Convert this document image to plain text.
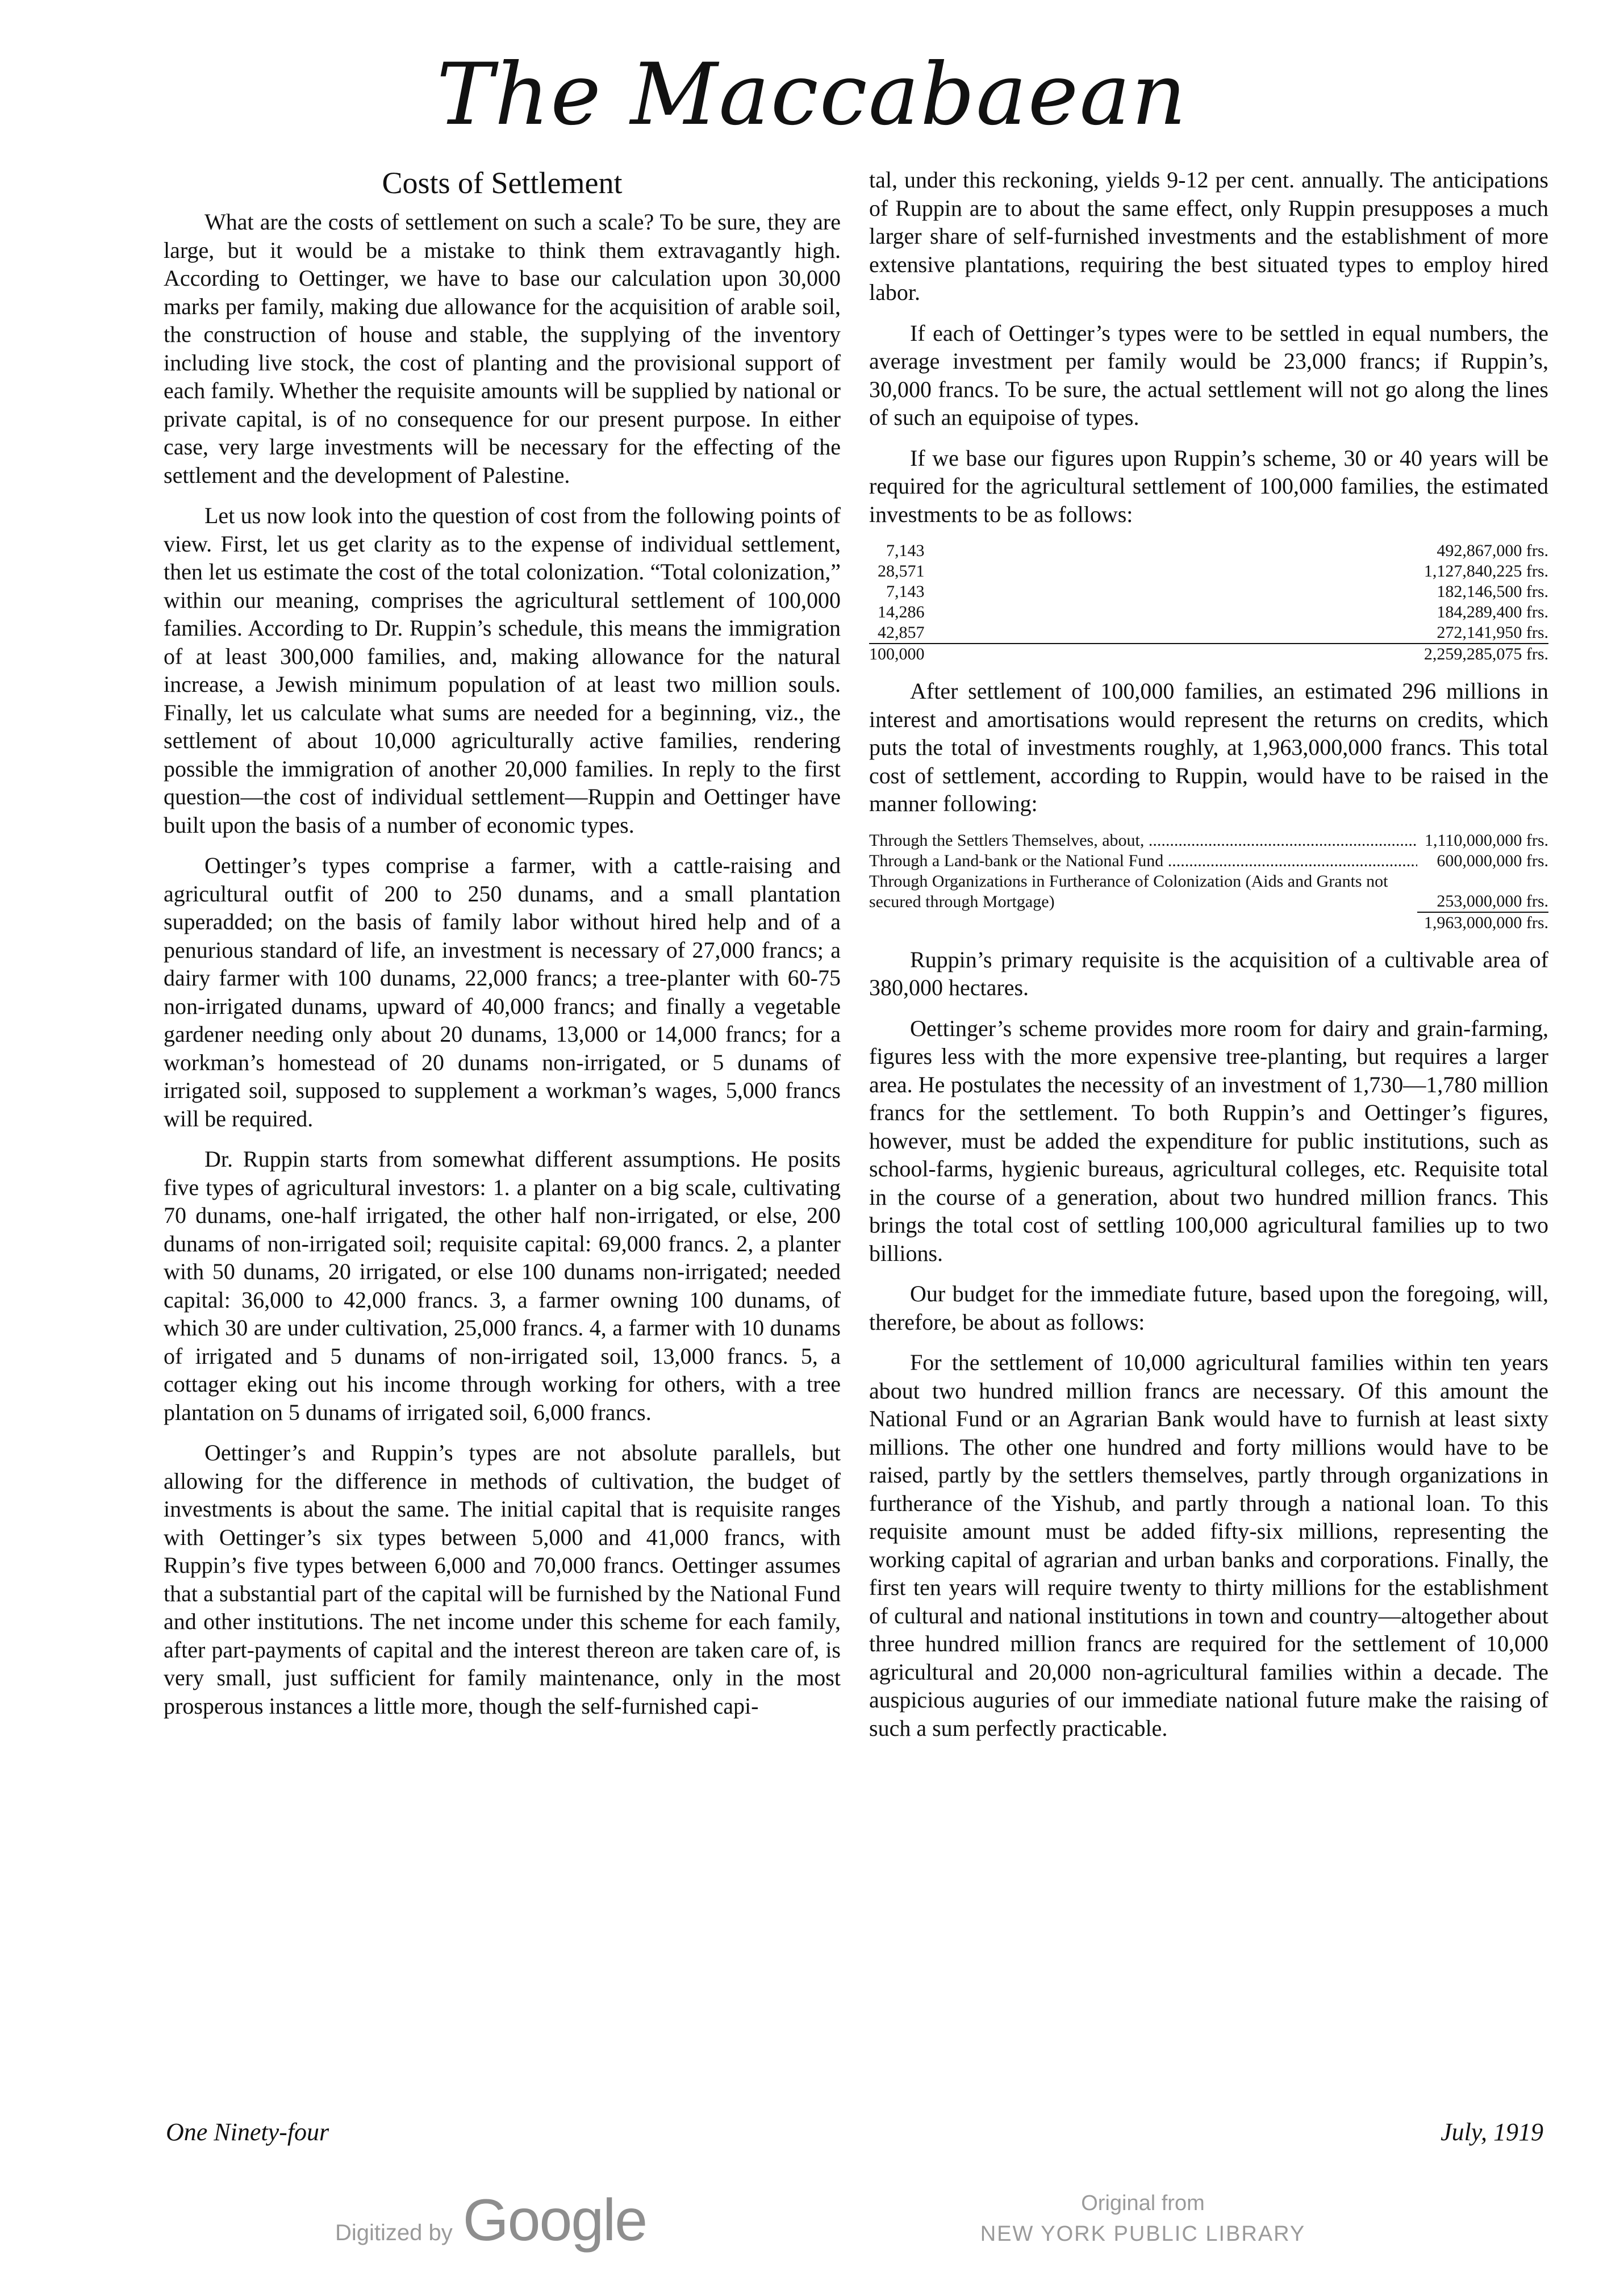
The Maccabaean
Costs of Settlement

What are the costs of settlement on such a scale? To be sure, they are large, but it would be a mistake to think them extravagantly high. According to Oettinger, we have to base our calculation upon 30,000 marks per family, making due allowance for the acquisition of arable soil, the construction of house and stable, the supplying of the inventory including live stock, the cost of planting and the provisional support of each family. Whether the requisite amounts will be supplied by national or private capital, is of no consequence for our present purpose. In either case, very large investments will be necessary for the effecting of the settlement and the development of Palestine.

Let us now look into the question of cost from the following points of view. First, let us get clarity as to the expense of individual settlement, then let us estimate the cost of the total colonization. “Total colonization,” within our meaning, comprises the agricultural settlement of 100,000 families. According to Dr. Ruppin’s schedule, this means the immigration of at least 300,000 families, and, making allowance for the natural increase, a Jewish minimum population of at least two million souls. Finally, let us calculate what sums are needed for a beginning, viz., the settlement of about 10,000 agriculturally active families, rendering possible the immigration of another 20,000 families. In reply to the first question—the cost of individual settlement—Ruppin and Oettinger have built upon the basis of a number of economic types.

Oettinger’s types comprise a farmer, with a cattle-raising and agricultural outfit of 200 to 250 dunams, and a small plantation superadded; on the basis of family labor without hired help and of a penurious standard of life, an investment is necessary of 27,000 francs; a dairy farmer with 100 dunams, 22,000 francs; a tree-planter with 60-75 non-irrigated dunams, upward of 40,000 francs; and finally a vegetable gardener needing only about 20 dunams, 13,000 or 14,000 francs; for a workman’s homestead of 20 dunams non-irrigated, or 5 dunams of irrigated soil, supposed to supplement a workman’s wages, 5,000 francs will be required.

Dr. Ruppin starts from somewhat different assumptions. He posits five types of agricultural investors: 1. a planter on a big scale, cultivating 70 dunams, one-half irrigated, the other half non-irrigated, or else, 200 dunams of non-irrigated soil; requisite capital: 69,000 francs. 2, a planter with 50 dunams, 20 irrigated, or else 100 dunams non-irrigated; needed capital: 36,000 to 42,000 francs. 3, a farmer owning 100 dunams, of which 30 are under cultivation, 25,000 francs. 4, a farmer with 10 dunams of irrigated and 5 dunams of non-irrigated soil, 13,000 francs. 5, a cottager eking out his income through working for others, with a tree plantation on 5 dunams of irrigated soil, 6,000 francs.

Oettinger’s and Ruppin’s types are not absolute parallels, but allowing for the difference in methods of cultivation, the budget of investments is about the same. The initial capital that is requisite ranges with Oettinger’s six types between 5,000 and 41,000 francs, with Ruppin’s five types between 6,000 and 70,000 francs. Oettinger assumes that a substantial part of the capital will be furnished by the National Fund and other institutions. The net income under this scheme for each family, after part-payments of capital and the interest thereon are taken care of, is very small, just sufficient for family maintenance, only in the most prosperous instances a little more, though the self-furnished capi-

tal, under this reckoning, yields 9-12 per cent. annually. The anticipations of Ruppin are to about the same effect, only Ruppin presupposes a much larger share of self-furnished investments and the establishment of more extensive plantations, requiring the best situated types to employ hired labor.

If each of Oettinger’s types were to be settled in equal numbers, the average investment per family would be 23,000 francs; if Ruppin’s, 30,000 francs. To be sure, the actual settlement will not go along the lines of such an equipoise of types.

If we base our figures upon Ruppin’s scheme, 30 or 40 years will be required for the agricultural settlement of 100,000 families, the estimated investments to be as follows:

7,143		492,867,000 frs.
28,571		1,127,840,225 frs.
7,143		182,146,500 frs.
14,286		184,289,400 frs.
42,857		272,141,950 frs.
100,000		2,259,285,075 frs.

After settlement of 100,000 families, an estimated 296 millions in interest and amortisations would represent the returns on credits, which puts the total of investments roughly, at 1,963,000,000 francs. This total cost of settlement, according to Ruppin, would have to be raised in the manner following:

Through the Settlers Themselves, about, .....	1,110,000,000 frs.
Through a Land-bank or the National Fund .....	600,000,000 frs.
Through Organizations in Furtherance of Colonization (Aids and Grants not secured through Mortgage)	253,000,000 frs.
	1,963,000,000 frs.

Ruppin’s primary requisite is the acquisition of a cultivable area of 380,000 hectares.

Oettinger’s scheme provides more room for dairy and grain-farming, figures less with the more expensive tree-planting, but requires a larger area. He postulates the necessity of an investment of 1,730—1,780 million francs for the settlement. To both Ruppin’s and Oettinger’s figures, however, must be added the expenditure for public institutions, such as school-farms, hygienic bureaus, agricultural colleges, etc. Requisite total in the course of a generation, about two hundred million francs. This brings the total cost of settling 100,000 agricultural families up to two billions.

Our budget for the immediate future, based upon the foregoing, will, therefore, be about as follows:

For the settlement of 10,000 agricultural families within ten years about two hundred million francs are necessary. Of this amount the National Fund or an Agrarian Bank would have to furnish at least sixty millions. The other one hundred and forty millions would have to be raised, partly by the settlers themselves, partly through organizations in furtherance of the Yishub, and partly through a national loan. To this requisite amount must be added fifty-six millions, representing the working capital of agrarian and urban banks and corporations. Finally, the first ten years will require twenty to thirty millions for the establishment of cultural and national institutions in town and country—altogether about three hundred million francs are required for the settlement of 10,000 agricultural and 20,000 non-agricultural families within a decade. The auspicious auguries of our immediate national future make the raising of such a sum perfectly practicable.

One Ninety-four	July, 1919
Digitized by Google	Original from
NEW YORK PUBLIC LIBRARY
